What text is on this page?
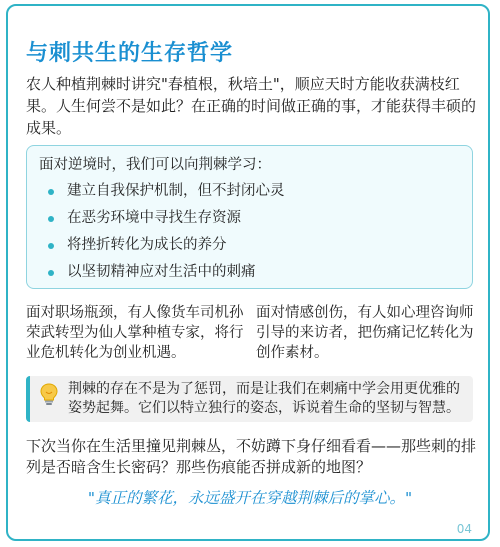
与刺共生的生存哲学
农人种植荆棘时讲究"春植根，秋培土"，顺应天时方能收获满枝红果。人生何尝不是如此？在正确的时间做正确的事，才能获得丰硕的成果。
面对逆境时，我们可以向荆棘学习：
建立自我保护机制，但不封闭心灵
在恶劣环境中寻找生存资源
将挫折转化为成长的养分
以坚韧精神应对生活中的刺痛
面对职场瓶颈，有人像货车司机孙荣武转型为仙人掌种植专家，将行业危机转化为创业机遇。
面对情感创伤，有人如心理咨询师引导的来访者，把伤痛记忆转化为创作素材。
荆棘的存在不是为了惩罚，而是让我们在刺痛中学会用更优雅的姿势起舞。它们以特立独行的姿态，诉说着生命的坚韧与智慧。
下次当你在生活里撞见荆棘丛，不妨蹲下身仔细看看——那些刺的排列是否暗含生长密码？那些伤痕能否拼成新的地图？
"真正的繁花，永远盛开在穿越荆棘后的掌心。"
04
